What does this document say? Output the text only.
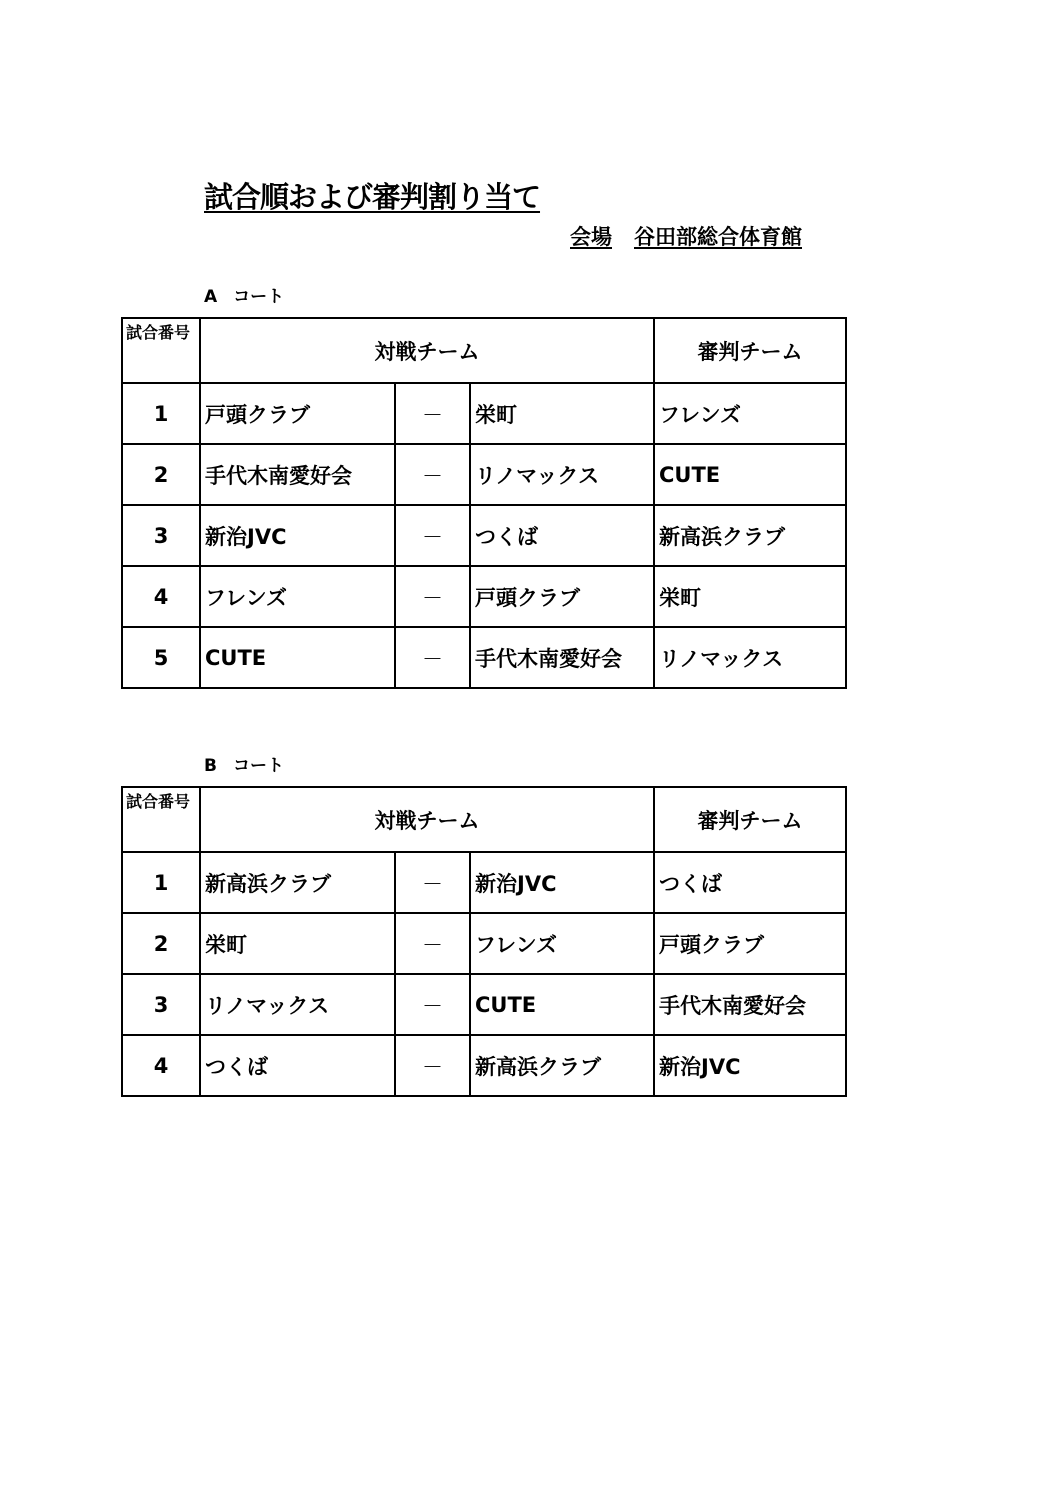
試合順および審判割り当て
会場 谷田部総合体育館
A コート
試合番号	対戦チーム			審判チーム
1	戸頭クラブ	－	栄町	フレンズ
2	手代木南愛好会	－	リノマックス	CUTE
3	新治JVC	－	つくば	新高浜クラブ
4	フレンズ	－	戸頭クラブ	栄町
5	CUTE	－	手代木南愛好会	リノマックス
B コート
試合番号	対戦チーム			審判チーム
1	新高浜クラブ	－	新治JVC	つくば
2	栄町	－	フレンズ	戸頭クラブ
3	リノマックス	－	CUTE	手代木南愛好会
4	つくば	－	新高浜クラブ	新治JVC
